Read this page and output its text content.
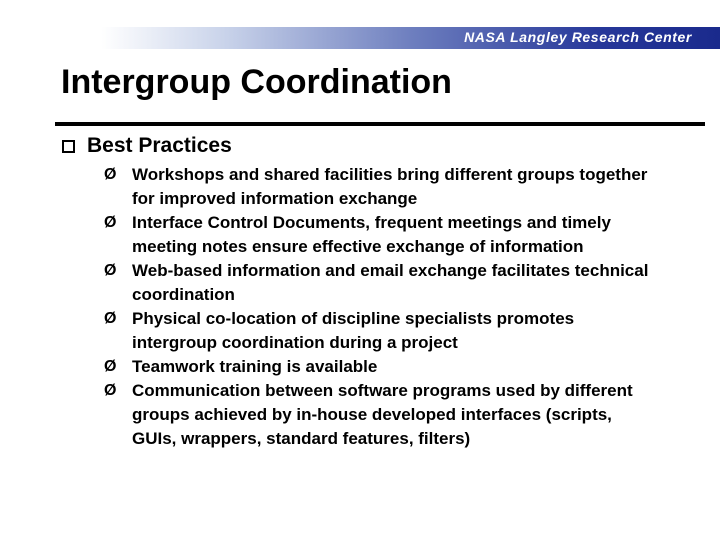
NASA Langley Research Center
Intergroup Coordination
Best Practices
Ø Workshops and shared facilities bring different groups together for improved information exchange
Ø Interface Control Documents, frequent meetings and timely meeting notes ensure effective exchange of information
Ø Web-based information and email exchange facilitates technical coordination
Ø Physical co-location of discipline specialists promotes intergroup coordination during a project
Ø Teamwork training is available
Ø Communication between software programs used by different groups achieved by in-house developed interfaces (scripts, GUIs, wrappers, standard features, filters)
